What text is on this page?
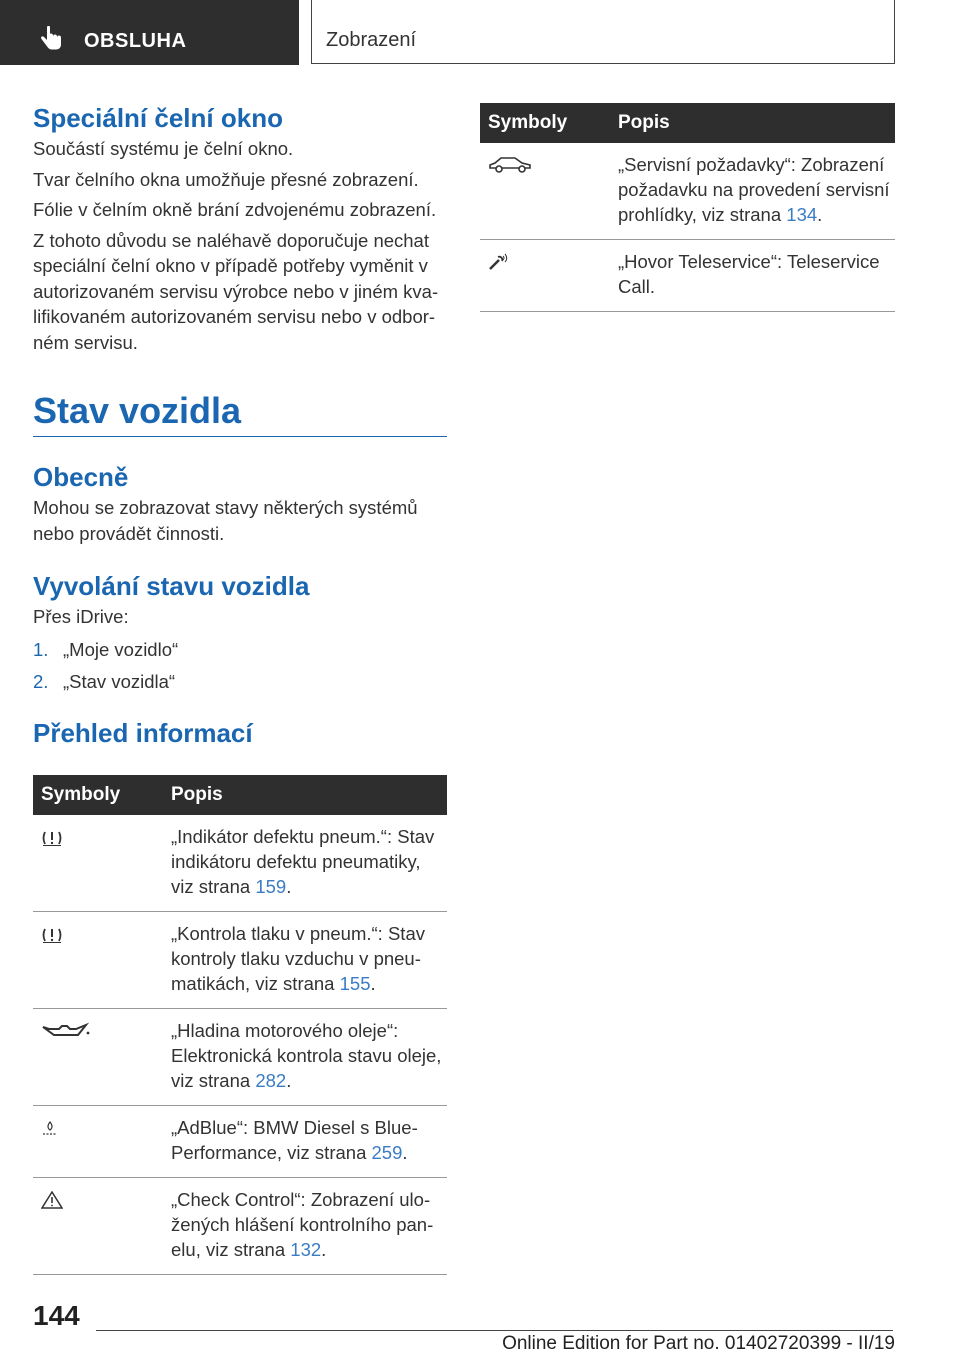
OBSLUHA	Zobrazení
Speciální čelní okno

Součástí systému je čelní okno.

Tvar čelního okna umožňuje přesné zobrazení.

Fólie v čelním okně brání zdvojenému zobrazení.

Z tohoto důvodu se naléhavě doporučuje nechat speciální čelní okno v případě potřeby vyměnit v autorizovaném servisu výrobce nebo v jiném kvalifikovaném autorizovaném servisu nebo v odborném servisu.

Stav vozidla
Obecně

Mohou se zobrazovat stavy některých systémů nebo provádět činnosti.

Vyvolání stavu vozidla

Přes iDrive:

1. „Moje vozidlo“
2. „Stav vozidla“
Přehled informací
Symboly	Popis
	„Indikátor defektu pneum.“: Stav indikátoru defektu pneumatiky, viz strana 159.
	„Kontrola tlaku v pneum.“: Stav kontroly tlaku vzduchu v pneumatikách, viz strana 155.
	„Hladina motorového oleje“: Elektronická kontrola stavu oleje, viz strana 282.
	„AdBlue“: BMW Diesel s BluePerformance, viz strana 259.
	„Check Control“: Zobrazení uložených hlášení kontrolního panelu, viz strana 132.
Symboly	Popis
	„Servisní požadavky“: Zobrazení požadavku na provedení servisní prohlídky, viz strana 134.
	„Hovor Teleservice“: Teleservice Call.
144
Online Edition for Part no. 01402720399 - II/19
